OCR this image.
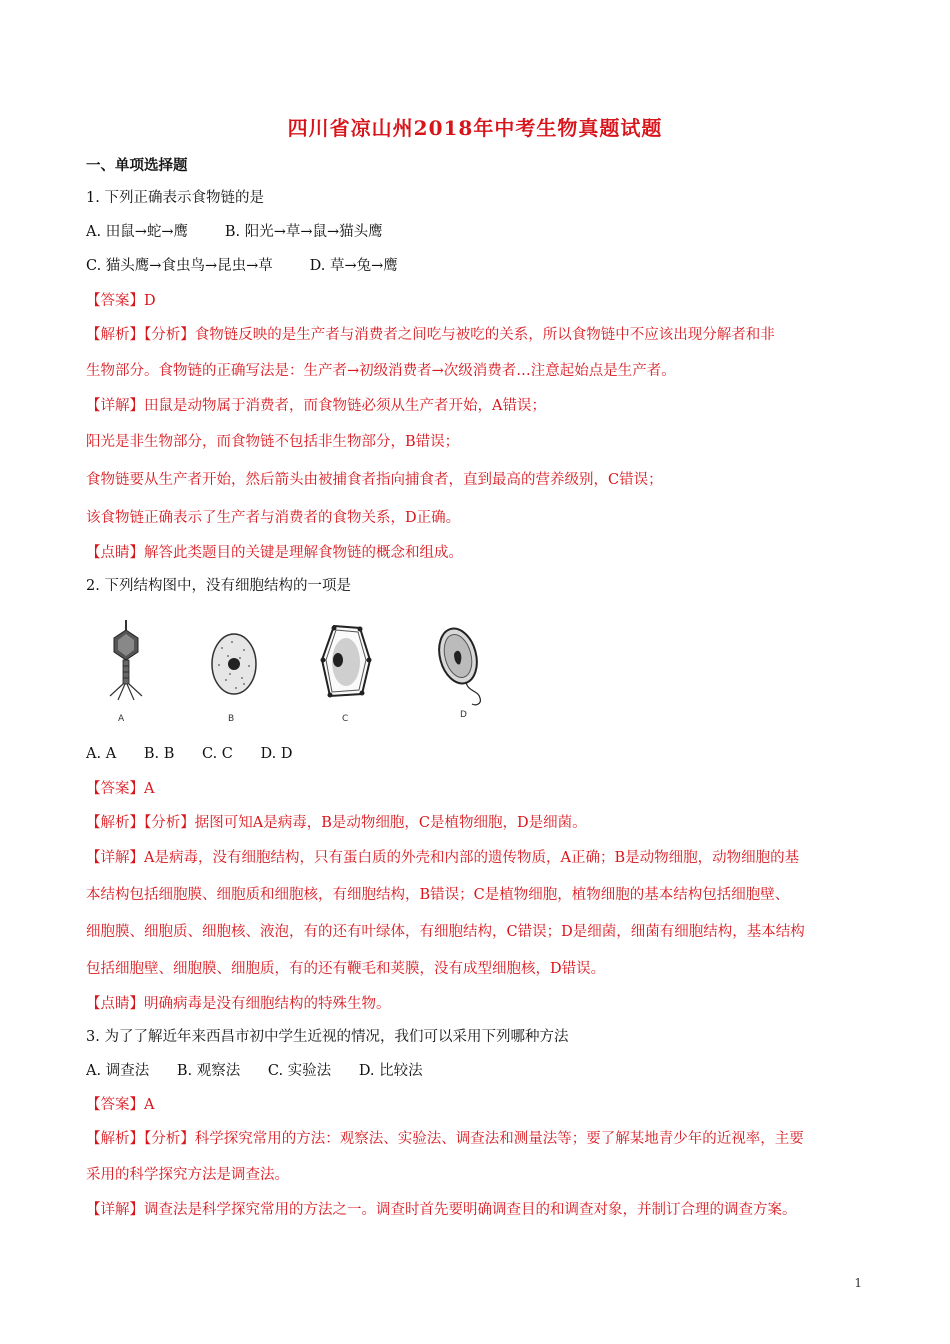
四川省凉山州2018年中考生物真题试题
一、单项选择题
1. 下列正确表示食物链的是
A. 田鼠→蛇→鹰        B. 阳光→草→鼠→猫头鹰
C. 猫头鹰→食虫鸟→昆虫→草        D. 草→兔→鹰
【答案】D
【解析】【分析】食物链反映的是生产者与消费者之间吃与被吃的关系，所以食物链中不应该出现分解者和非
生物部分。食物链的正确写法是：生产者→初级消费者→次级消费者…注意起始点是生产者。
【详解】田鼠是动物属于消费者，而食物链必须从生产者开始，A错误；
阳光是非生物部分，而食物链不包括非生物部分，B错误；
食物链要从生产者开始，然后箭头由被捕食者指向捕食者，直到最高的营养级别，C错误；
该食物链正确表示了生产者与消费者的食物关系，D正确。
【点睛】解答此类题目的关键是理解食物链的概念和组成。
2. 下列结构图中，没有细胞结构的一项是
A	B	C	D
A. A      B. B      C. C      D. D
【答案】A
【解析】【分析】据图可知A是病毒，B是动物细胞，C是植物细胞，D是细菌。
【详解】A是病毒，没有细胞结构，只有蛋白质的外壳和内部的遗传物质，A正确；B是动物细胞，动物细胞的基
本结构包括细胞膜、细胞质和细胞核，有细胞结构，B错误；C是植物细胞，植物细胞的基本结构包括细胞壁、
细胞膜、细胞质、细胞核、液泡，有的还有叶绿体，有细胞结构，C错误；D是细菌，细菌有细胞结构，基本结构
包括细胞壁、细胞膜、细胞质，有的还有鞭毛和荚膜，没有成型细胞核，D错误。
【点睛】明确病毒是没有细胞结构的特殊生物。
3. 为了了解近年来西昌市初中学生近视的情况，我们可以采用下列哪种方法
A. 调查法      B. 观察法      C. 实验法      D. 比较法
【答案】A
【解析】【分析】科学探究常用的方法：观察法、实验法、调查法和测量法等；要了解某地青少年的近视率，主要
采用的科学探究方法是调查法。
【详解】调查法是科学探究常用的方法之一。调查时首先要明确调查目的和调查对象，并制订合理的调查方案。
1
